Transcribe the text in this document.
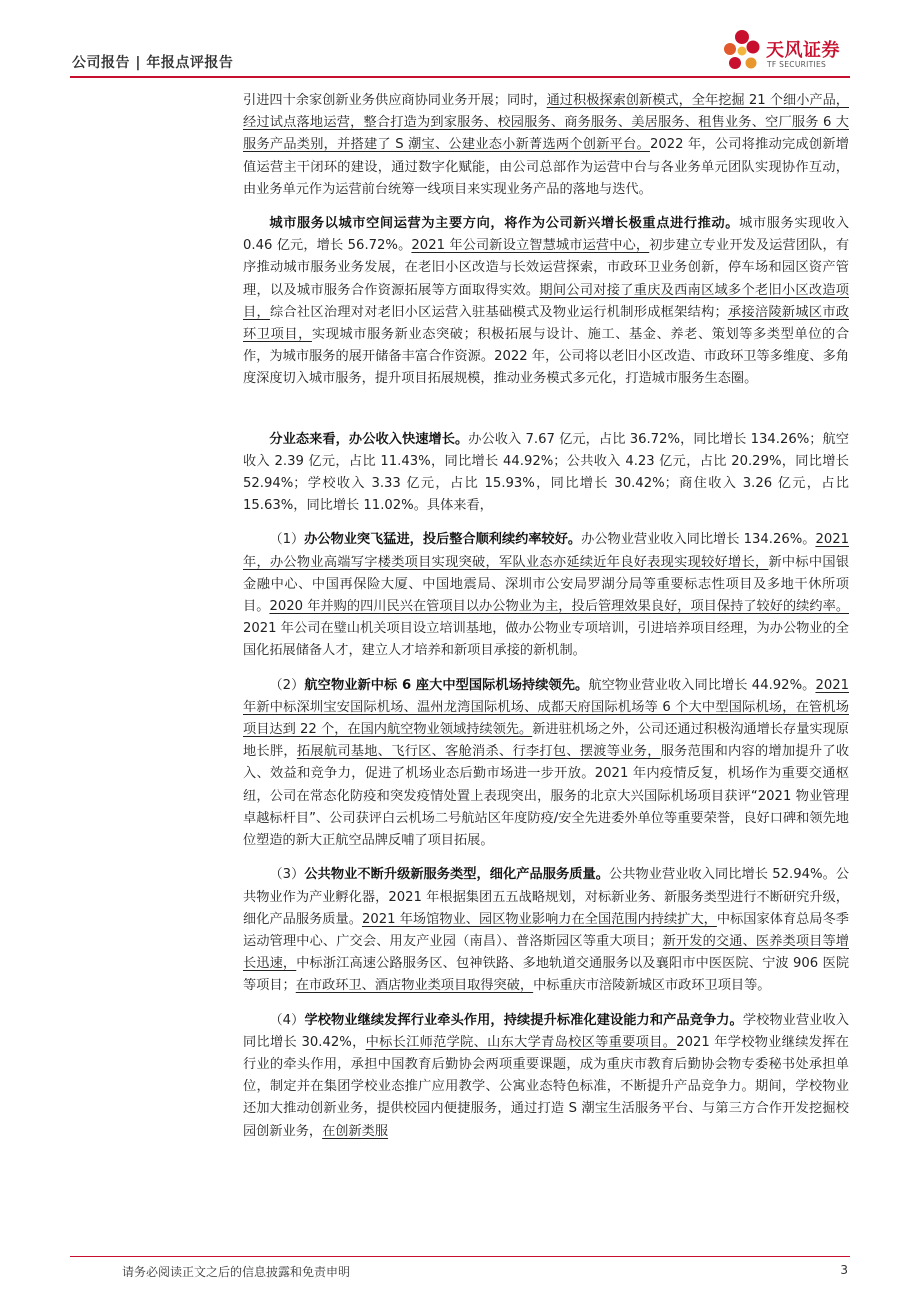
公司报告 | 年报点评报告
天风证券
TF SECURITIES

引进四十余家创新业务供应商协同业务开展；同时，通过积极探索创新模式，全年挖掘 21 个细小产品，经过试点落地运营，整合打造为到家服务、校园服务、商务服务、美居服务、租售业务、空厂服务 6 大服务产品类别，并搭建了 S 潮宝、公建业态小新菁选两个创新平台。2022 年，公司将推动完成创新增值运营主干闭环的建设，通过数字化赋能，由公司总部作为运营中台与各业务单元团队实现协作互动，由业务单元作为运营前台统筹一线项目来实现业务产品的落地与迭代。

城市服务以城市空间运营为主要方向，将作为公司新兴增长极重点进行推动。城市服务实现收入 0.46 亿元，增长 56.72%。2021 年公司新设立智慧城市运营中心，初步建立专业开发及运营团队，有序推动城市服务业务发展，在老旧小区改造与长效运营探索，市政环卫业务创新，停车场和园区资产管理，以及城市服务合作资源拓展等方面取得实效。期间公司对接了重庆及西南区域多个老旧小区改造项目，综合社区治理对对老旧小区运营入驻基础模式及物业运行机制形成框架结构；承接涪陵新城区市政环卫项目，实现城市服务新业态突破；积极拓展与设计、施工、基金、养老、策划等多类型单位的合作，为城市服务的展开储备丰富合作资源。2022 年，公司将以老旧小区改造、市政环卫等多维度、多角度深度切入城市服务，提升项目拓展规模，推动业务模式多元化，打造城市服务生态圈。

分业态来看，办公收入快速增长。办公收入 7.67 亿元，占比 36.72%，同比增长 134.26%；航空收入 2.39 亿元，占比 11.43%，同比增长 44.92%；公共收入 4.23 亿元，占比 20.29%，同比增长 52.94%；学校收入 3.33 亿元，占比 15.93%，同比增长 30.42%；商住收入 3.26 亿元，占比 15.63%，同比增长 11.02%。具体来看，

（1）办公物业突飞猛进，投后整合顺利续约率较好。办公物业营业收入同比增长 134.26%。2021 年，办公物业高端写字楼类项目实现突破，军队业态亦延续近年良好表现实现较好增长，新中标中国银金融中心、中国再保险大厦、中国地震局、深圳市公安局罗湖分局等重要标志性项目及多地干休所项目。2020 年并购的四川民兴在管项目以办公物业为主，投后管理效果良好，项目保持了较好的续约率。2021 年公司在璧山机关项目设立培训基地，做办公物业专项培训，引进培养项目经理，为办公物业的全国化拓展储备人才，建立人才培养和新项目承接的新机制。

（2）航空物业新中标 6 座大中型国际机场持续领先。航空物业营业收入同比增长 44.92%。2021 年新中标深圳宝安国际机场、温州龙湾国际机场、成都天府国际机场等 6 个大中型国际机场，在管机场项目达到 22 个，在国内航空物业领域持续领先。新进驻机场之外，公司还通过积极沟通增长存量实现原地长胖，拓展航司基地、飞行区、客舱消杀、行李打包、摆渡等业务，服务范围和内容的增加提升了收入、效益和竞争力，促进了机场业态后勤市场进一步开放。2021 年内疫情反复，机场作为重要交通枢纽，公司在常态化防疫和突发疫情处置上表现突出，服务的北京大兴国际机场项目获评“2021 物业管理卓越标杆目”、公司获评白云机场二号航站区年度防疫/安全先进委外单位等重要荣誉，良好口碑和领先地位塑造的新大正航空品牌反哺了项目拓展。

（3）公共物业不断升级新服务类型，细化产品服务质量。公共物业营业收入同比增长 52.94%。公共物业作为产业孵化器，2021 年根据集团五五战略规划，对标新业务、新服务类型进行不断研究升级，细化产品服务质量。2021 年场馆物业、园区物业影响力在全国范围内持续扩大，中标国家体育总局冬季运动管理中心、广交会、用友产业园（南昌）、普洛斯园区等重大项目；新开发的交通、医养类项目等增长迅速，中标浙江高速公路服务区、包神铁路、多地轨道交通服务以及襄阳市中医医院、宁波 906 医院等项目；在市政环卫、酒店物业类项目取得突破，中标重庆市涪陵新城区市政环卫项目等。

（4）学校物业继续发挥行业牵头作用，持续提升标准化建设能力和产品竞争力。学校物业营业收入同比增长 30.42%，中标长江师范学院、山东大学青岛校区等重要项目。2021 年学校物业继续发挥在行业的牵头作用，承担中国教育后勤协会两项重要课题，成为重庆市教育后勤协会物专委秘书处承担单位，制定并在集团学校业态推广应用教学、公寓业态特色标准，不断提升产品竞争力。期间，学校物业还加大推动创新业务，提供校园内便捷服务，通过打造 S 潮宝生活服务平台、与第三方合作开发挖掘校园创新业务，在创新类服

请务必阅读正文之后的信息披露和免责申明	3
